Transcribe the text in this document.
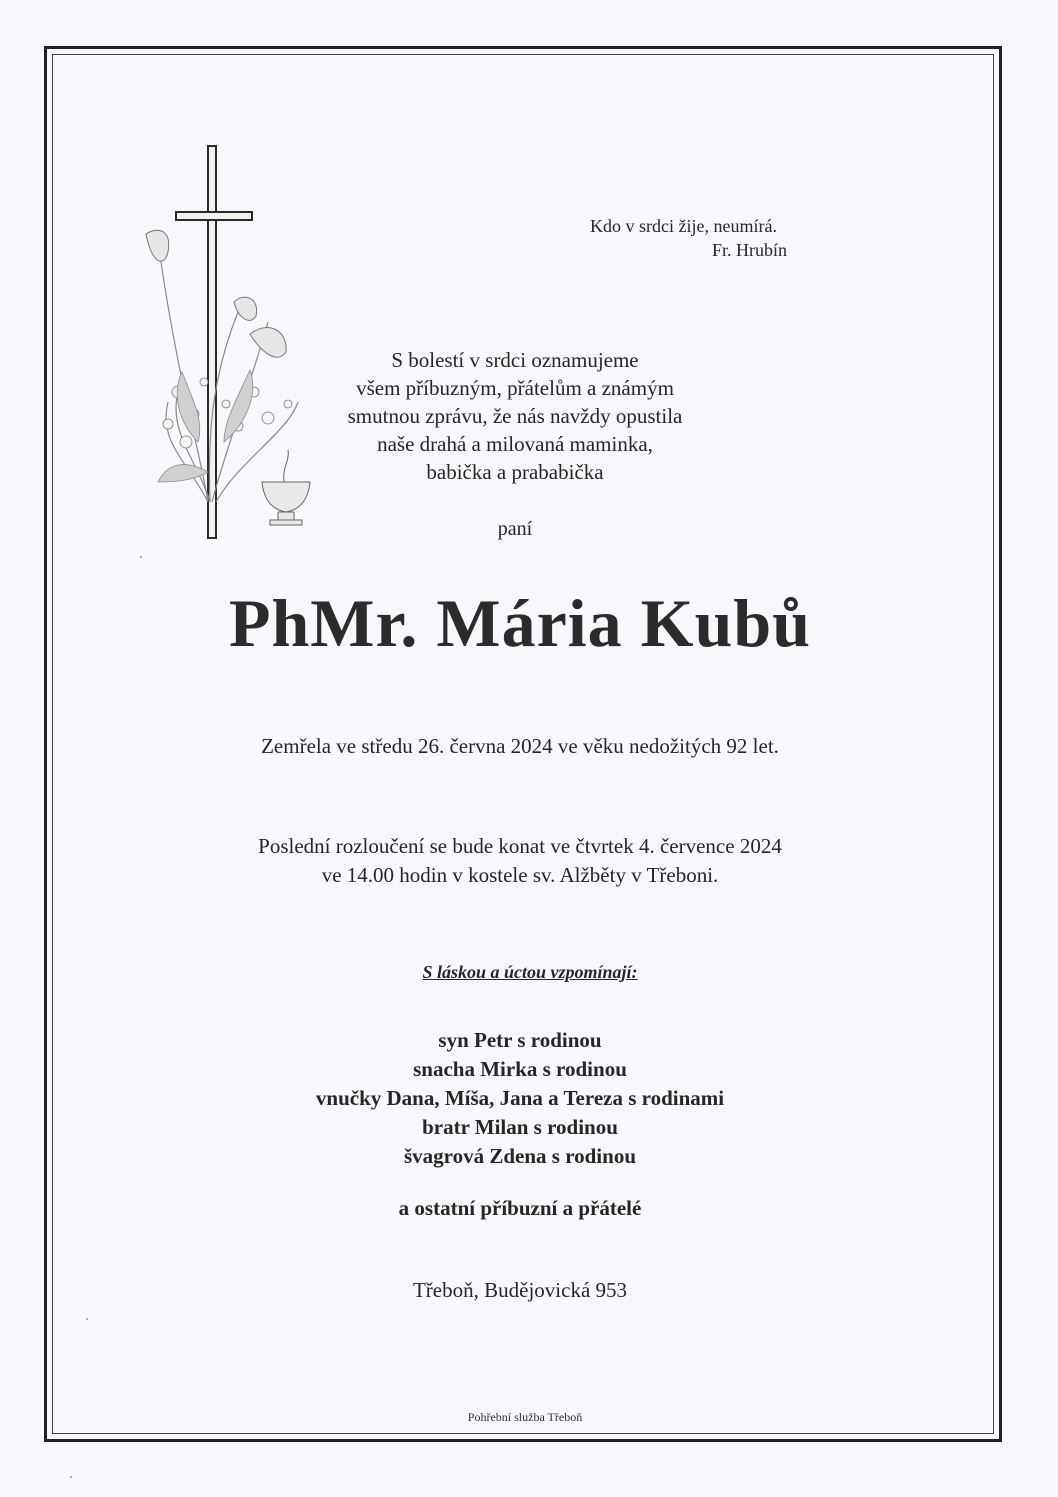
Kdo v srdci žije, neumírá.
Fr. Hrubín
S bolestí v srdci oznamujeme
všem příbuzným, přátelům a známým
smutnou zprávu, že nás navždy opustila
naše drahá a milovaná maminka,
babička a prababička
paní
PhMr. Mária Kubů
Zemřela ve středu 26. června 2024 ve věku nedožitých 92 let.
Poslední rozloučení se bude konat ve čtvrtek 4. července 2024
ve 14.00 hodin v kostele sv. Alžběty v Třeboni.
S láskou a úctou vzpomínají:
syn Petr s rodinou
snacha Mirka s rodinou
vnučky Dana, Míša, Jana a Tereza s rodinami
bratr Milan s rodinou
švagrová Zdena s rodinou
a ostatní příbuzní a přátelé
Třeboň, Budějovická 953
Pohřební služba Třeboň
